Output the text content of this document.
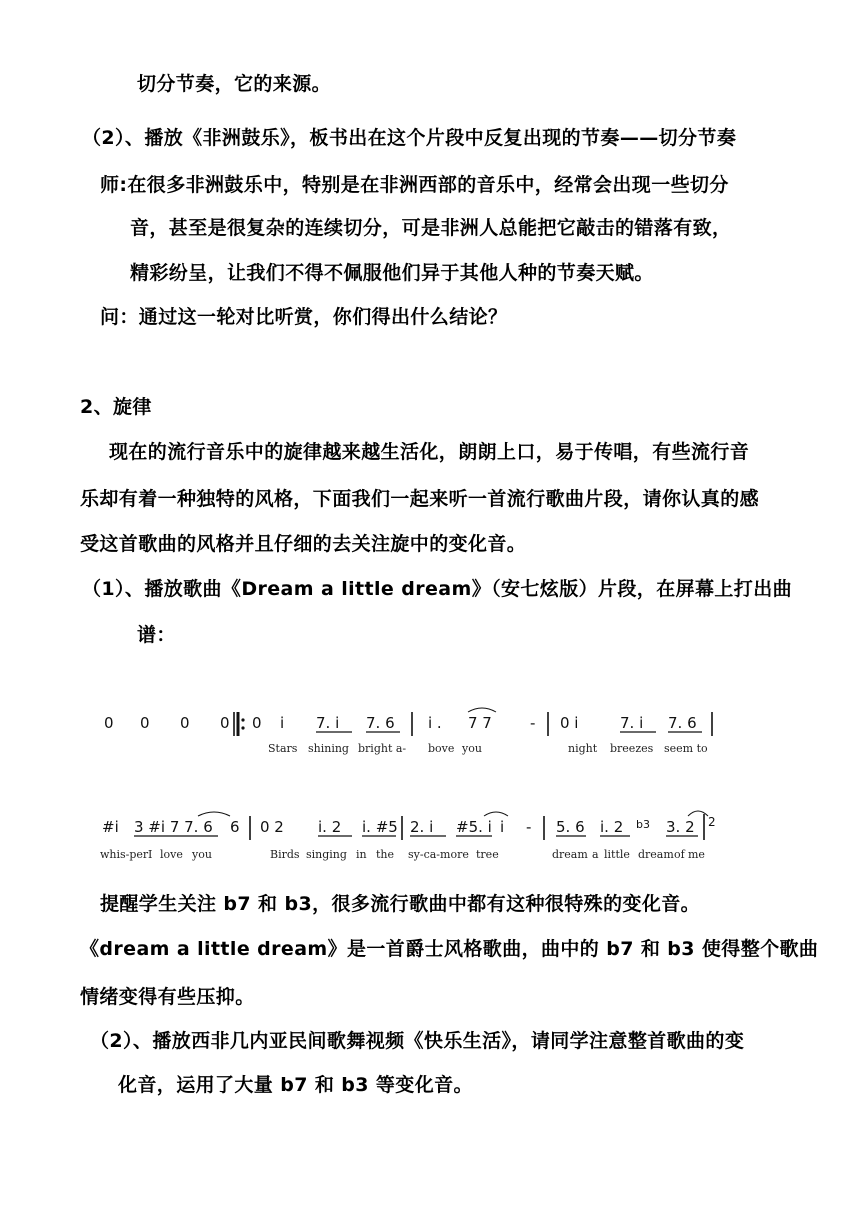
切分节奏，它的来源。
（2）、播放《非洲鼓乐》，板书出在这个片段中反复出现的节奏——切分节奏
师:在很多非洲鼓乐中，特别是在非洲西部的音乐中，经常会出现一些切分
音，甚至是很复杂的连续切分，可是非洲人总能把它敲击的错落有致，
精彩纷呈，让我们不得不佩服他们异于其他人种的节奏天赋。
问：通过这一轮对比听赏，你们得出什么结论？
2、旋律
现在的流行音乐中的旋律越来越生活化，朗朗上口，易于传唱，有些流行音
乐却有着一种独特的风格，下面我们一起来听一首流行歌曲片段，请你认真的感
受这首歌曲的风格并且仔细的去关注旋中的变化音。
（1）、播放歌曲《Dream a little dream》（安七炫版）片段，在屏幕上打出曲
谱：
0 0 0 0 0 i 7. i 7. 6 i . 7 7	- 0 i	7. i 7. 6
Stars shining bright a- bove you	night breezes seem to
#i 3 #i 7 7. 6 6 0 2 i. 2 i. #5 2. i #5. i i - 5. 6 i. 2 b3 3. 2 2
whis-per I love you	Birds singing in the sy-ca-more tree	dream a little dream of me
提醒学生关注 b7 和 b3，很多流行歌曲中都有这种很特殊的变化音。
《dream a little dream》是一首爵士风格歌曲，曲中的 b7 和 b3 使得整个歌曲
情绪变得有些压抑。
（2）、播放西非几内亚民间歌舞视频《快乐生活》，请同学注意整首歌曲的变
化音，运用了大量 b7 和 b3 等变化音。
